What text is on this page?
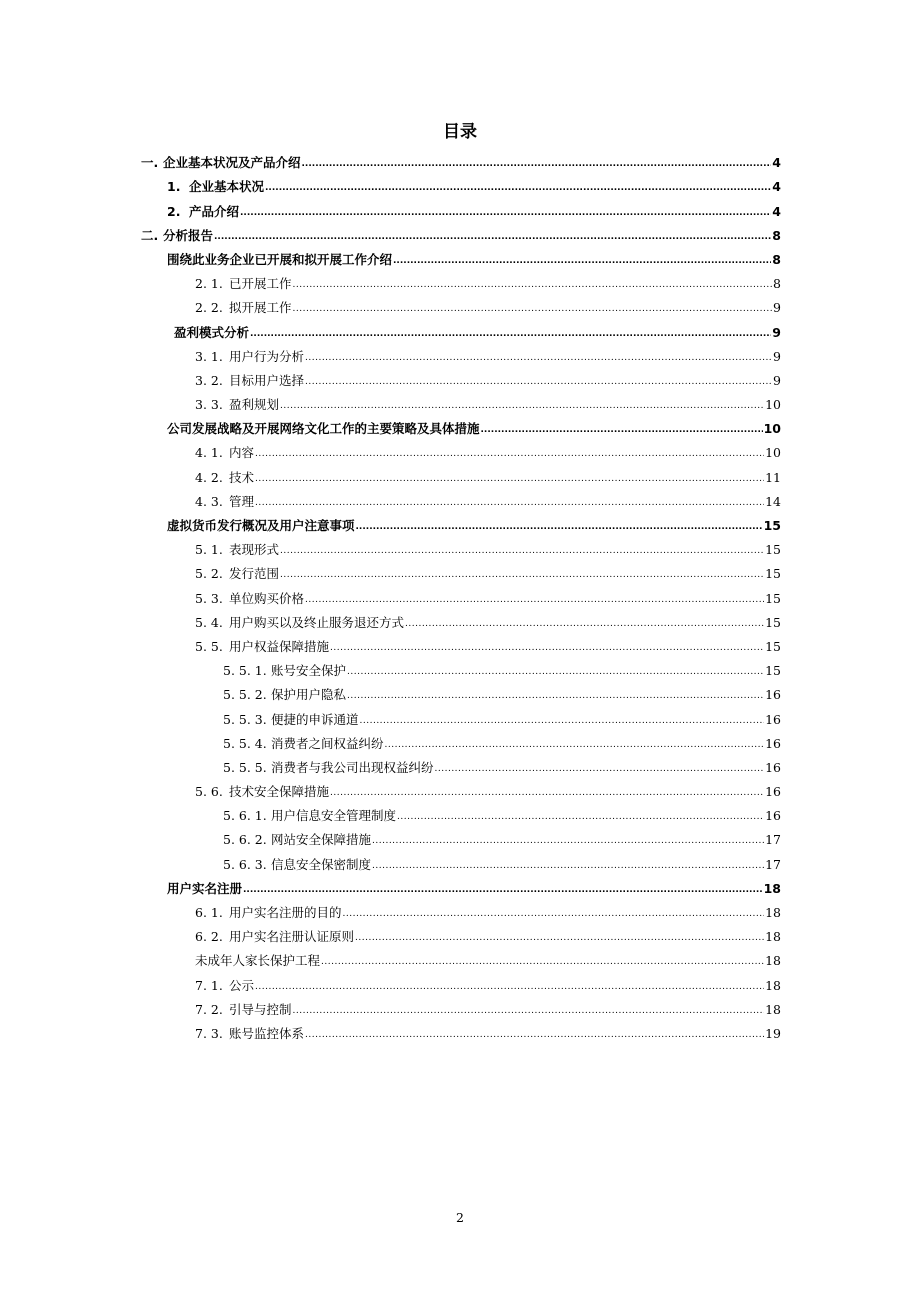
目录
一. 企业基本状况及产品介绍 .....	4
1. 企业基本状况 .....	4
2. 产品介绍 .....	4
二. 分析报告 .....	8
围绕此业务企业已开展和拟开展工作介绍 .....	8
2. 1. 已开展工作 .....	8
2. 2. 拟开展工作 .....	9
盈利模式分析 .....	9
3. 1. 用户行为分析 .....	9
3. 2. 目标用户选择 .....	9
3. 3. 盈利规划 .....	10
公司发展战略及开展网络文化工作的主要策略及具体措施 .....	10
4. 1. 内容 .....	10
4. 2. 技术 .....	11
4. 3. 管理 .....	14
虚拟货币发行概况及用户注意事项 .....	15
5. 1. 表现形式 .....	15
5. 2. 发行范围 .....	15
5. 3. 单位购买价格 .....	15
5. 4. 用户购买以及终止服务退还方式 .....	15
5. 5. 用户权益保障措施 .....	15
5. 5. 1. 账号安全保护 .....	15
5. 5. 2. 保护用户隐私 .....	16
5. 5. 3. 便捷的申诉通道 .....	16
5. 5. 4. 消费者之间权益纠纷 .....	16
5. 5. 5. 消费者与我公司出现权益纠纷 .....	16
5. 6. 技术安全保障措施 .....	16
5. 6. 1. 用户信息安全管理制度 .....	16
5. 6. 2. 网站安全保障措施 .....	17
5. 6. 3. 信息安全保密制度 .....	17
用户实名注册 .....	18
6. 1. 用户实名注册的目的 .....	18
6. 2. 用户实名注册认证原则 .....	18
未成年人家长保护工程 .....	18
7. 1. 公示 .....	18
7. 2. 引导与控制 .....	18
7. 3. 账号监控体系 .....	19
2
